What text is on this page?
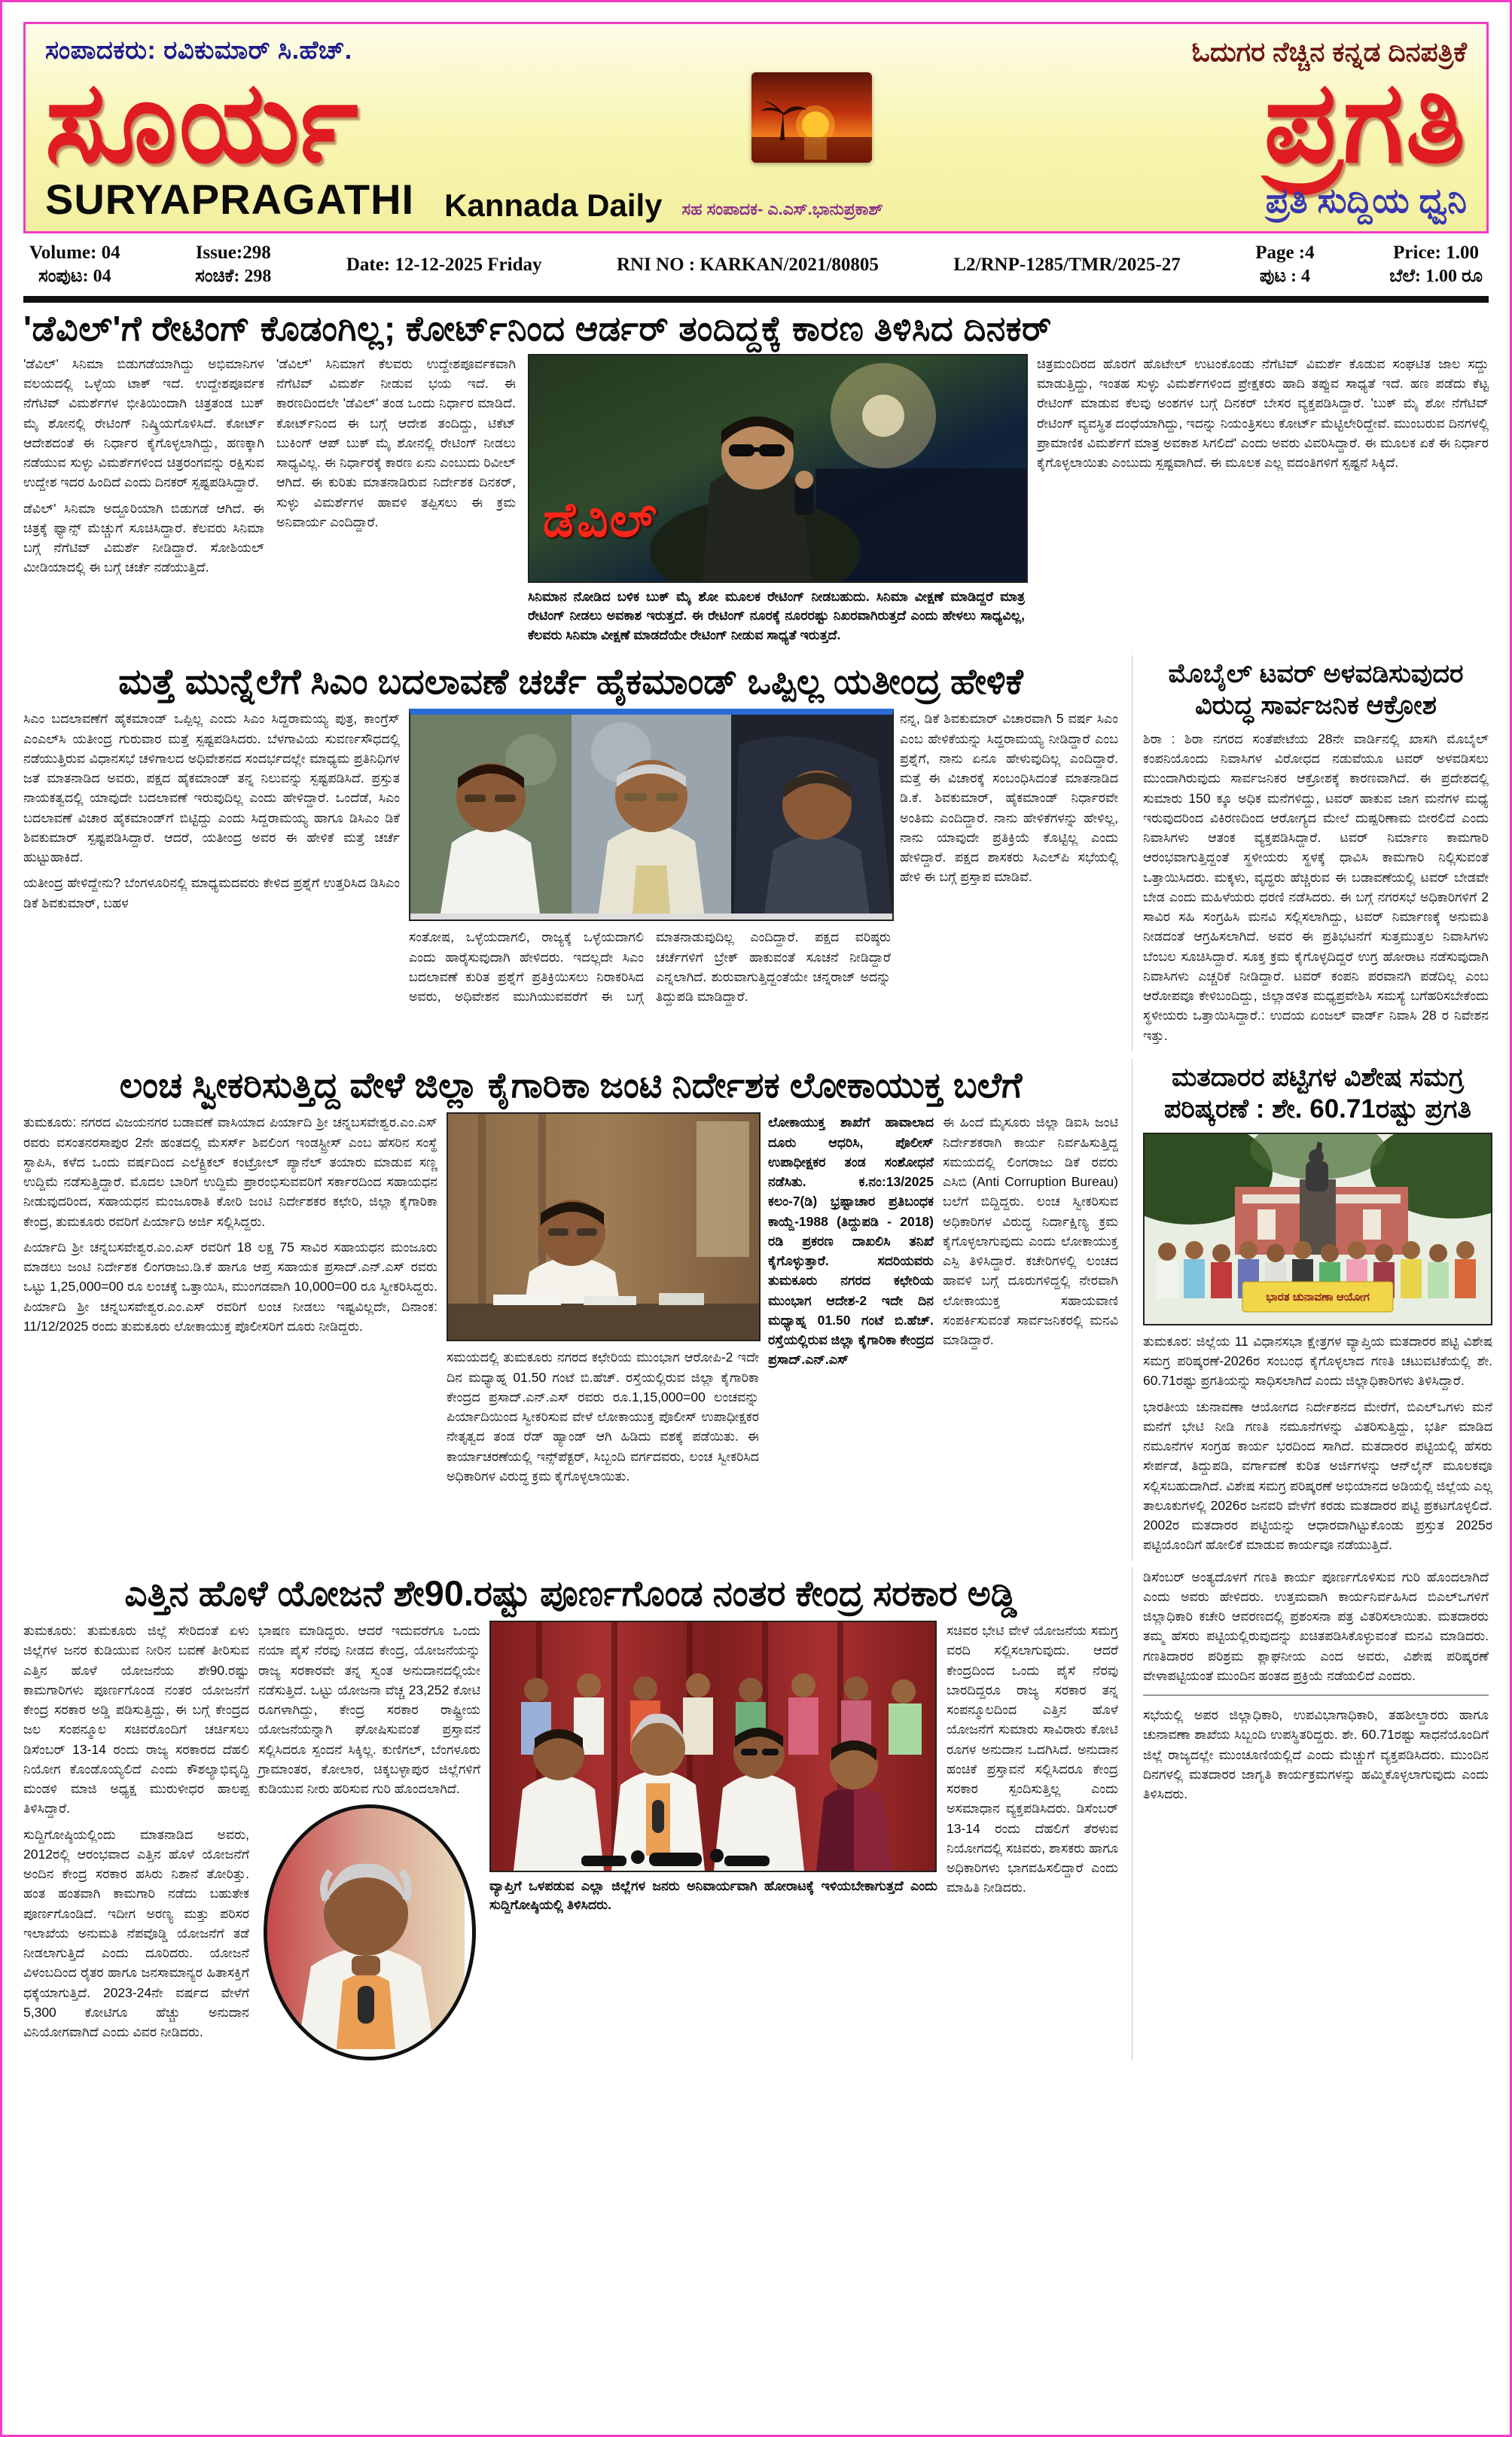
ಸಂಪಾದಕರು: ರವಿಕುಮಾರ್ ಸಿ.ಹೆಚ್.	ಓದುಗರ ನೆಚ್ಚಿನ ಕನ್ನಡ ದಿನಪತ್ರಿಕೆ
ಸೂರ್ಯ	ಪ್ರಗತಿ
SURYAPRAGATHI Kannada Daily ಸಹ ಸಂಪಾದಕ- ಎ.ಎಸ್.ಭಾನುಪ್ರಕಾಶ್	ಪ್ರತಿ ಸುದ್ದಿಯ ಧ್ವನಿ
Volume: 04
ಸಂಪುಟ: 04
Issue:298
ಸಂಚಿಕೆ: 298
Date: 12-12-2025 Friday	RNI NO : KARKAN/2021/80805	L2/RNP-1285/TMR/2025-27
Page :4
ಪುಟ : 4
Price: 1.00
ಬೆಲೆ: 1.00 ರೂ
'ಡೆವಿಲ್'ಗೆ ರೇಟಿಂಗ್ ಕೊಡಂಗಿಲ್ಲ; ಕೋರ್ಟ್‌ನಿಂದ ಆರ್ಡರ್ ತಂದಿದ್ದಕ್ಕೆ ಕಾರಣ ತಿಳಿಸಿದ ದಿನಕರ್

'ಡೆವಿಲ್' ಸಿನಿಮಾ ಬಿಡುಗಡೆಯಾಗಿದ್ದು ಅಭಿಮಾನಿಗಳ ವಲಯದಲ್ಲಿ ಒಳ್ಳೆಯ ಟಾಕ್ ಇದೆ. ಉದ್ದೇಶಪೂರ್ವಕ ನೆಗೆಟಿವ್ ವಿಮರ್ಶೆಗಳ ಭೀತಿಯಿಂದಾಗಿ ಚಿತ್ರತಂಡ ಬುಕ್ ಮೈ ಶೋನಲ್ಲಿ ರೇಟಿಂಗ್ ನಿಷ್ಕ್ರಿಯಗೊಳಿಸಿದೆ. ಕೋರ್ಟ್ ಆದೇಶದಂತೆ ಈ ನಿರ್ಧಾರ ಕೈಗೊಳ್ಳಲಾಗಿದ್ದು, ಹಣಕ್ಕಾಗಿ ನಡೆಯುವ ಸುಳ್ಳು ವಿಮರ್ಶೆಗಳಿಂದ ಚಿತ್ರರಂಗವನ್ನು ರಕ್ಷಿಸುವ ಉದ್ದೇಶ ಇದರ ಹಿಂದಿದೆ ಎಂದು ದಿನಕರ್ ಸ್ಪಷ್ಟಪಡಿಸಿದ್ದಾರೆ.

ಡೆವಿಲ್' ಸಿನಿಮಾ ಅದ್ದೂರಿಯಾಗಿ ಬಿಡುಗಡೆ ಆಗಿದೆ. ಈ ಚಿತ್ರಕ್ಕೆ ಫ್ಯಾನ್ಸ್ ಮೆಚ್ಚುಗೆ ಸೂಚಿಸಿದ್ದಾರೆ. ಕೆಲವರು ಸಿನಿಮಾ ಬಗ್ಗೆ ನೆಗೆಟಿವ್ ವಿಮರ್ಶೆ ನೀಡಿದ್ದಾರೆ. ಸೋಶಿಯಲ್ ಮೀಡಿಯಾದಲ್ಲಿ ಈ ಬಗ್ಗೆ ಚರ್ಚೆ ನಡೆಯುತ್ತಿದೆ.

'ಡೆವಿಲ್' ಸಿನಿಮಾಗೆ ಕೆಲವರು ಉದ್ದೇಶಪೂರ್ವಕವಾಗಿ ನೆಗೆಟಿವ್ ವಿಮರ್ಶೆ ನೀಡುವ ಭಯ ಇದೆ. ಈ ಕಾರಣದಿಂದಲೇ 'ಡೆವಿಲ್' ತಂಡ ಒಂದು ನಿರ್ಧಾರ ಮಾಡಿದೆ. ಕೋರ್ಟ್‌ನಿಂದ ಈ ಬಗ್ಗೆ ಆದೇಶ ತಂದಿದ್ದು, ಟಿಕೆಟ್ ಬುಕಿಂಗ್ ಆಪ್ ಬುಕ್ ಮೈ ಶೋನಲ್ಲಿ ರೇಟಿಂಗ್ ನೀಡಲು ಸಾಧ್ಯವಿಲ್ಲ. ಈ ನಿರ್ಧಾರಕ್ಕೆ ಕಾರಣ ಏನು ಎಂಬುದು ರಿವೀಲ್ ಆಗಿದೆ. ಈ ಕುರಿತು ಮಾತನಾಡಿರುವ ನಿರ್ದೇಶಕ ದಿನಕರ್, ಸುಳ್ಳು ವಿಮರ್ಶೆಗಳ ಹಾವಳಿ ತಪ್ಪಿಸಲು ಈ ಕ್ರಮ ಅನಿವಾರ್ಯ ಎಂದಿದ್ದಾರೆ.	ಡೆವಿಲ್
ಸಿನಿಮಾನ ನೋಡಿದ ಬಳಿಕ ಬುಕ್ ಮೈ ಶೋ ಮೂಲಕ ರೇಟಿಂಗ್ ನೀಡಬಹುದು. ಸಿನಿಮಾ ವೀಕ್ಷಣೆ ಮಾಡಿದ್ದರೆ ಮಾತ್ರ ರೇಟಿಂಗ್ ನೀಡಲು ಅವಕಾಶ ಇರುತ್ತದೆ. ಈ ರೇಟಿಂಗ್ ನೂರಕ್ಕೆ ನೂರರಷ್ಟು ನಿಖರವಾಗಿರುತ್ತದೆ ಎಂದು ಹೇಳಲು ಸಾಧ್ಯವಿಲ್ಲ, ಕೆಲವರು ಸಿನಿಮಾ ವೀಕ್ಷಣೆ ಮಾಡದೆಯೇ ರೇಟಿಂಗ್ ನೀಡುವ ಸಾಧ್ಯತೆ ಇರುತ್ತದೆ.

ಚಿತ್ರಮಂದಿರದ ಹೊರಗೆ ಹೊಟೇಲ್ ಉಟಂಕೊಂಡು ನೆಗೆಟಿವ್ ವಿಮರ್ಶೆ ಕೊಡುವ ಸಂಘಟಿತ ಜಾಲ ಸದ್ದು ಮಾಡುತ್ತಿದ್ದು, ಇಂತಹ ಸುಳ್ಳು ವಿಮರ್ಶೆಗಳಿಂದ ಪ್ರೇಕ್ಷಕರು ಹಾದಿ ತಪ್ಪುವ ಸಾಧ್ಯತೆ ಇದೆ. ಹಣ ಪಡೆದು ಕೆಟ್ಟ ರೇಟಿಂಗ್ ಮಾಡುವ ಕೆಲವು ಅಂಶಗಳ ಬಗ್ಗೆ ದಿನಕರ್ ಬೇಸರ ವ್ಯಕ್ತಪಡಿಸಿದ್ದಾರೆ. 'ಬುಕ್ ಮೈ ಶೋ ನೆಗೆಟಿವ್ ರೇಟಿಂಗ್ ವ್ಯವಸ್ಥಿತ ದಂಧೆಯಾಗಿದ್ದು, ಇದನ್ನು ನಿಯಂತ್ರಿಸಲು ಕೋರ್ಟ್ ಮೆಟ್ಟಿಲೇರಿದ್ದೇವೆ. ಮುಂಬರುವ ದಿನಗಳಲ್ಲಿ ಪ್ರಾಮಾಣಿಕ ವಿಮರ್ಶೆಗೆ ಮಾತ್ರ ಅವಕಾಶ ಸಿಗಲಿದೆ' ಎಂದು ಅವರು ವಿವರಿಸಿದ್ದಾರೆ. ಈ ಮೂಲಕ ಏಕೆ ಈ ನಿರ್ಧಾರ ಕೈಗೊಳ್ಳಲಾಯಿತು ಎಂಬುದು ಸ್ಪಷ್ಟವಾಗಿದೆ. ಈ ಮೂಲಕ ಎಲ್ಲ ವದಂತಿಗಳಿಗೆ ಸ್ಪಷ್ಟನೆ ಸಿಕ್ಕಿದೆ.

ಮತ್ತೆ ಮುನ್ನೆಲೆಗೆ ಸಿಎಂ ಬದಲಾವಣೆ ಚರ್ಚೆ ಹೈಕಮಾಂಡ್ ಒಪ್ಪಿಲ್ಲ ಯತೀಂದ್ರ ಹೇಳಿಕೆ

ಸಿಎಂ ಬದಲಾವಣೆಗೆ ಹೈಕಮಾಂಡ್ ಒಪ್ಪಿಲ್ಲ ಎಂದು ಸಿಎಂ ಸಿದ್ದರಾಮಯ್ಯ ಪುತ್ರ, ಕಾಂಗ್ರೆಸ್ ಎಂಎಲ್‌ಸಿ ಯತೀಂದ್ರ ಗುರುವಾರ ಮತ್ತೆ ಸ್ಪಷ್ಟಪಡಿಸಿದರು. ಬೆಳಗಾವಿಯ ಸುವರ್ಣಸೌಧದಲ್ಲಿ ನಡೆಯುತ್ತಿರುವ ವಿಧಾನಸಭೆ ಚಳಿಗಾಲದ ಅಧಿವೇಶನದ ಸಂದರ್ಭದಲ್ಲೇ ಮಾಧ್ಯಮ ಪ್ರತಿನಿಧಿಗಳ ಜತೆ ಮಾತನಾಡಿದ ಅವರು, ಪಕ್ಷದ ಹೈಕಮಾಂಡ್ ತನ್ನ ನಿಲುವನ್ನು ಸ್ಪಷ್ಟಪಡಿಸಿದೆ. ಪ್ರಸ್ತುತ ನಾಯಕತ್ವದಲ್ಲಿ ಯಾವುದೇ ಬದಲಾವಣೆ ಇರುವುದಿಲ್ಲ ಎಂದು ಹೇಳಿದ್ದಾರೆ. ಒಂದೆಡೆ, ಸಿಎಂ ಬದಲಾವಣೆ ವಿಚಾರ ಹೈಕಮಾಂಡ್‌ಗೆ ಬಿಟ್ಟಿದ್ದು ಎಂದು ಸಿದ್ದರಾಮಯ್ಯ ಹಾಗೂ ಡಿಸಿಎಂ ಡಿಕೆ ಶಿವಕುಮಾರ್ ಸ್ಪಷ್ಟಪಡಿಸಿದ್ದಾರೆ. ಆದರೆ, ಯತೀಂದ್ರ ಅವರ ಈ ಹೇಳಿಕೆ ಮತ್ತೆ ಚರ್ಚೆ ಹುಟ್ಟುಹಾಕಿದೆ.

ಯತೀಂದ್ರ ಹೇಳಿದ್ದೇನು? ಬೆಂಗಳೂರಿನಲ್ಲಿ ಮಾಧ್ಯಮದವರು ಕೇಳಿದ ಪ್ರಶ್ನೆಗೆ ಉತ್ತರಿಸಿದ ಡಿಸಿಎಂ ಡಿಕೆ ಶಿವಕುಮಾರ್, ಬಹಳ

ಸಂತೋಷ, ಒಳ್ಳೆಯದಾಗಲಿ, ರಾಜ್ಯಕ್ಕೆ ಒಳ್ಳೆಯದಾಗಲಿ ಎಂದು ಹಾರೈಸುವುದಾಗಿ ಹೇಳಿದರು. ಇದಲ್ಲದೇ ಸಿಎಂ ಬದಲಾವಣೆ ಕುರಿತ ಪ್ರಶ್ನೆಗೆ ಪ್ರತಿಕ್ರಿಯಿಸಲು ನಿರಾಕರಿಸಿದ ಅವರು, ಅಧಿವೇಶನ ಮುಗಿಯುವವರೆಗೆ ಈ ಬಗ್ಗೆ ಮಾತನಾಡುವುದಿಲ್ಲ ಎಂದಿದ್ದಾರೆ. ಪಕ್ಷದ ವರಿಷ್ಠರು ಚರ್ಚೆಗಳಿಗೆ ಬ್ರೇಕ್ ಹಾಕುವಂತೆ ಸೂಚನೆ ನೀಡಿದ್ದಾರೆ ಎನ್ನಲಾಗಿದೆ. ಶುರುವಾಗುತ್ತಿದ್ದಂತೆಯೇ ಚನ್ನರಾಜ್ ಅದನ್ನು ತಿದ್ದುಪಡಿ ಮಾಡಿದ್ದಾರೆ.

ನನ್ನ, ಡಿಕೆ ಶಿವಕುಮಾರ್ ವಿಚಾರವಾಗಿ 5 ವರ್ಷ ಸಿಎಂ ಎಂಬ ಹೇಳಿಕೆಯನ್ನು ಸಿದ್ದರಾಮಯ್ಯ ನೀಡಿದ್ದಾರೆ ಎಂಬ ಪ್ರಶ್ನೆಗೆ, ನಾನು ಏನೂ ಹೇಳುವುದಿಲ್ಲ ಎಂದಿದ್ದಾರೆ. ಮತ್ತೆ ಈ ವಿಚಾರಕ್ಕೆ ಸಂಬಂಧಿಸಿದಂತೆ ಮಾತನಾಡಿದ ಡಿ.ಕೆ. ಶಿವಕುಮಾರ್, ಹೈಕಮಾಂಡ್ ನಿರ್ಧಾರವೇ ಅಂತಿಮ ಎಂದಿದ್ದಾರೆ. ನಾನು ಹೇಳಿಕೆಗಳನ್ನು ಹೇಳಿಲ್ಲ, ನಾನು ಯಾವುದೇ ಪ್ರತಿಕ್ರಿಯೆ ಕೊಟ್ಟಿಲ್ಲ ಎಂದು ಹೇಳಿದ್ದಾರೆ. ಪಕ್ಷದ ಶಾಸಕರು ಸಿಎಲ್‌ಪಿ ಸಭೆಯಲ್ಲಿ ಹೇಳಿ ಈ ಬಗ್ಗೆ ಪ್ರಸ್ತಾಪ ಮಾಡಿವೆ.

ಮೊಬೈಲ್ ಟವರ್ ಅಳವಡಿಸುವುದರ ವಿರುದ್ಧ ಸಾರ್ವಜನಿಕ ಆಕ್ರೋಶ

ಶಿರಾ : ಶಿರಾ ನಗರದ ಸಂತೆಪೇಟೆಯ 28ನೇ ವಾರ್ಡಿನಲ್ಲಿ ಖಾಸಗಿ ಮೊಬೈಲ್ ಕಂಪನಿಯೊಂದು ನಿವಾಸಿಗಳ ವಿರೋಧದ ನಡುವೆಯೂ ಟವರ್ ಅಳವಡಿಸಲು ಮುಂದಾಗಿರುವುದು ಸಾರ್ವಜನಿಕರ ಆಕ್ರೋಶಕ್ಕೆ ಕಾರಣವಾಗಿದೆ. ಈ ಪ್ರದೇಶದಲ್ಲಿ ಸುಮಾರು 150 ಕ್ಕೂ ಅಧಿಕ ಮನೆಗಳಿದ್ದು, ಟವರ್ ಹಾಕುವ ಜಾಗ ಮನೆಗಳ ಮಧ್ಯೆ ಇರುವುದರಿಂದ ವಿಕಿರಣದಿಂದ ಆರೋಗ್ಯದ ಮೇಲೆ ದುಷ್ಪರಿಣಾಮ ಬೀರಲಿದೆ ಎಂದು ನಿವಾಸಿಗಳು ಆತಂಕ ವ್ಯಕ್ತಪಡಿಸಿದ್ದಾರೆ. ಟವರ್ ನಿರ್ಮಾಣ ಕಾಮಗಾರಿ ಆರಂಭವಾಗುತ್ತಿದ್ದಂತೆ ಸ್ಥಳೀಯರು ಸ್ಥಳಕ್ಕೆ ಧಾವಿಸಿ ಕಾಮಗಾರಿ ನಿಲ್ಲಿಸುವಂತೆ ಒತ್ತಾಯಿಸಿದರು. ಮಕ್ಕಳು, ವೃದ್ಧರು ಹೆಚ್ಚಿರುವ ಈ ಬಡಾವಣೆಯಲ್ಲಿ ಟವರ್ ಬೇಡವೇ ಬೇಡ ಎಂದು ಮಹಿಳೆಯರು ಧರಣಿ ನಡೆಸಿದರು. ಈ ಬಗ್ಗೆ ನಗರಸಭೆ ಅಧಿಕಾರಿಗಳಿಗೆ 2 ಸಾವಿರ ಸಹಿ ಸಂಗ್ರಹಿಸಿ ಮನವಿ ಸಲ್ಲಿಸಲಾಗಿದ್ದು, ಟವರ್ ನಿರ್ಮಾಣಕ್ಕೆ ಅನುಮತಿ ನೀಡದಂತೆ ಆಗ್ರಹಿಸಲಾಗಿದೆ. ಅವರ ಈ ಪ್ರತಿಭಟನೆಗೆ ಸುತ್ತಮುತ್ತಲ ನಿವಾಸಿಗಳು ಬೆಂಬಲ ಸೂಚಿಸಿದ್ದಾರೆ. ಸೂಕ್ತ ಕ್ರಮ ಕೈಗೊಳ್ಳದಿದ್ದರೆ ಉಗ್ರ ಹೋರಾಟ ನಡೆಸುವುದಾಗಿ ನಿವಾಸಿಗಳು ಎಚ್ಚರಿಕೆ ನೀಡಿದ್ದಾರೆ. ಟವರ್ ಕಂಪನಿ ಪರವಾನಗಿ ಪಡೆದಿಲ್ಲ ಎಂಬ ಆರೋಪವೂ ಕೇಳಿಬಂದಿದ್ದು, ಜಿಲ್ಲಾಡಳಿತ ಮಧ್ಯಪ್ರವೇಶಿಸಿ ಸಮಸ್ಯೆ ಬಗೆಹರಿಸಬೇಕೆಂದು ಸ್ಥಳೀಯರು ಒತ್ತಾಯಿಸಿದ್ದಾರೆ.: ಉದಯ ಏಂಜಲ್ ವಾರ್ಡ್ ನಿವಾಸಿ 28 ರ ನಿವೇಶನ ಇತ್ತು.

ಲಂಚ ಸ್ವೀಕರಿಸುತ್ತಿದ್ದ ವೇಳೆ ಜಿಲ್ಲಾ ಕೈಗಾರಿಕಾ ಜಂಟಿ ನಿರ್ದೇಶಕ ಲೋಕಾಯುಕ್ತ ಬಲೆಗೆ

ತುಮಕೂರು: ನಗರದ ವಿಜಯನಗರ ಬಡಾವಣೆ ವಾಸಿಯಾದ ಪಿರ್ಯಾದಿ ಶ್ರೀ ಚನ್ನಬಸವೇಶ್ವರ.ಎಂ.ಎಸ್ ರವರು ವಸಂತನರಸಾಪುರ 2ನೇ ಹಂತದಲ್ಲಿ ಮೆಸರ್ಸ್ ಶಿವಲಿಂಗ ಇಂಡಸ್ಟ್ರೀಸ್ ಎಂಬ ಹೆಸರಿನ ಸಂಸ್ಥೆ ಸ್ಥಾಪಿಸಿ, ಕಳೆದ ಒಂದು ವರ್ಷದಿಂದ ಎಲೆಕ್ಟ್ರಿಕಲ್ ಕಂಟ್ರೋಲ್ ಪ್ಯಾನೆಲ್ ತಯಾರು ಮಾಡುವ ಸಣ್ಣ ಉದ್ದಿಮೆ ನಡೆಸುತ್ತಿದ್ದಾರೆ. ಮೊದಲ ಬಾರಿಗೆ ಉದ್ದಿಮೆ ಪ್ರಾರಂಭಿಸುವವರಿಗೆ ಸರ್ಕಾರದಿಂದ ಸಹಾಯಧನ ನೀಡುವುದರಿಂದ, ಸಹಾಯಧನ ಮಂಜೂರಾತಿ ಕೋರಿ ಜಂಟಿ ನಿರ್ದೇಶಕರ ಕಛೇರಿ, ಜಿಲ್ಲಾ ಕೈಗಾರಿಕಾ ಕೇಂದ್ರ, ತುಮಕೂರು ರವರಿಗೆ ಪಿರ್ಯಾದಿ ಅರ್ಜಿ ಸಲ್ಲಿಸಿದ್ದರು.

ಪಿರ್ಯಾದಿ ಶ್ರೀ ಚನ್ನಬಸವೇಶ್ವರ.ಎಂ.ಎಸ್ ರವರಿಗೆ 18 ಲಕ್ಷ 75 ಸಾವಿರ ಸಹಾಯಧನ ಮಂಜೂರು ಮಾಡಲು ಜಂಟಿ ನಿರ್ದೇಶಕ ಲಿಂಗರಾಜು.ಡಿ.ಕೆ ಹಾಗೂ ಆಪ್ತ ಸಹಾಯಕ ಪ್ರಸಾದ್.ಎನ್.ಎಸ್ ರವರು ಒಟ್ಟು 1,25,000=00 ರೂ ಲಂಚಕ್ಕೆ ಒತ್ತಾಯಿಸಿ, ಮುಂಗಡವಾಗಿ 10,000=00 ರೂ ಸ್ವೀಕರಿಸಿದ್ದರು. ಪಿರ್ಯಾದಿ ಶ್ರೀ ಚನ್ನಬಸವೇಶ್ವರ.ಎಂ.ಎಸ್ ರವರಿಗೆ ಲಂಚ ನೀಡಲು ಇಷ್ಟವಿಲ್ಲದೇ, ದಿನಾಂಕ: 11/12/2025 ರಂದು ತುಮಕೂರು ಲೋಕಾಯುಕ್ತ ಪೊಲೀಸರಿಗೆ ದೂರು ನೀಡಿದ್ದರು.

ಸಮಯದಲ್ಲಿ ತುಮಕೂರು ನಗರದ ಕಛೇರಿಯ ಮುಂಭಾಗ ಆರೋಪಿ-2 ಇದೇ ದಿನ ಮಧ್ಯಾಹ್ನ 01.50 ಗಂಟೆ ಬಿ.ಹೆಚ್. ರಸ್ತೆಯಲ್ಲಿರುವ ಜಿಲ್ಲಾ ಕೈಗಾರಿಕಾ ಕೇಂದ್ರದ ಪ್ರಸಾದ್.ಎನ್.ಎಸ್ ರವರು ರೂ.1,15,000=00 ಲಂಚವನ್ನು ಪಿರ್ಯಾದಿಯಿಂದ ಸ್ವೀಕರಿಸುವ ವೇಳೆ ಲೋಕಾಯುಕ್ತ ಪೊಲೀಸ್ ಉಪಾಧೀಕ್ಷಕರ ನೇತೃತ್ವದ ತಂಡ ರೆಡ್ ಹ್ಯಾಂಡ್ ಆಗಿ ಹಿಡಿದು ವಶಕ್ಕೆ ಪಡೆಯಿತು. ಈ ಕಾರ್ಯಾಚರಣೆಯಲ್ಲಿ ಇನ್ಸ್‌ಪೆಕ್ಟರ್, ಸಿಬ್ಬಂದಿ ವರ್ಗದವರು, ಲಂಚ ಸ್ವೀಕರಿಸಿದ ಅಧಿಕಾರಿಗಳ ವಿರುದ್ಧ ಕ್ರಮ ಕೈಗೊಳ್ಳಲಾಯಿತು.

ಲೋಕಾಯುಕ್ತ ಶಾಖೆಗೆ ಹಾವಾಲಾದ ದೂರು ಆಧರಿಸಿ, ಪೊಲೀಸ್ ಉಪಾಧೀಕ್ಷಕರ ತಂಡ ಸಂಶೋಧನೆ ನಡೆಸಿತು. ಕ.ನಂ:13/2025 ಕಲಂ-7(ಡಿ) ಭ್ರಷ್ಟಾಚಾರ ಪ್ರತಿಬಂಧಕ ಕಾಯ್ದೆ-1988 (ತಿದ್ದುಪಡಿ - 2018) ರಡಿ ಪ್ರಕರಣ ದಾಖಲಿಸಿ ತನಿಖೆ ಕೈಗೊಳ್ಳುತ್ತಾರೆ. ಸದರಿಯವರು ತುಮಕೂರು ನಗರದ ಕಛೇರಿಯ ಮುಂಭಾಗ ಆದೇಶ-2 ಇದೇ ದಿನ ಮಧ್ಯಾಹ್ನ 01.50 ಗಂಟೆ ಬಿ.ಹೆಚ್. ರಸ್ತೆಯಲ್ಲಿರುವ ಜಿಲ್ಲಾ ಕೈಗಾರಿಕಾ ಕೇಂದ್ರದ ಪ್ರಸಾದ್.ಎನ್.ಎಸ್

ಈ ಹಿಂದೆ ಮೈಸೂರು ಜಿಲ್ಲಾ ಡಿಐಸಿ ಜಂಟಿ ನಿರ್ದೇಶಕರಾಗಿ ಕಾರ್ಯ ನಿರ್ವಹಿಸುತ್ತಿದ್ದ ಸಮಯದಲ್ಲಿ ಲಿಂಗರಾಜು ಡಿಕೆ ರವರು ಎಸಿಬಿ (Anti Corruption Bureau) ಬಲೆಗೆ ಬಿದ್ದಿದ್ದರು. ಲಂಚ ಸ್ವೀಕರಿಸುವ ಅಧಿಕಾರಿಗಳ ವಿರುದ್ಧ ನಿರ್ದಾಕ್ಷಿಣ್ಯ ಕ್ರಮ ಕೈಗೊಳ್ಳಲಾಗುವುದು ಎಂದು ಲೋಕಾಯುಕ್ತ ಎಸ್ಪಿ ತಿಳಿಸಿದ್ದಾರೆ. ಕಚೇರಿಗಳಲ್ಲಿ ಲಂಚದ ಹಾವಳಿ ಬಗ್ಗೆ ದೂರುಗಳಿದ್ದಲ್ಲಿ ನೇರವಾಗಿ ಲೋಕಾಯುಕ್ತ ಸಹಾಯವಾಣಿ ಸಂಪರ್ಕಿಸುವಂತೆ ಸಾರ್ವಜನಿಕರಲ್ಲಿ ಮನವಿ ಮಾಡಿದ್ದಾರೆ.

ಮತದಾರರ ಪಟ್ಟಿಗಳ ವಿಶೇಷ ಸಮಗ್ರ ಪರಿಷ್ಕರಣೆ : ಶೇ. 60.71ರಷ್ಟು ಪ್ರಗತಿ
ಭಾರತ ಚುನಾವಣಾ ಆಯೋಗ

ತುಮಕೂರ: ಜಿಲ್ಲೆಯ 11 ವಿಧಾನಸಭಾ ಕ್ಷೇತ್ರಗಳ ವ್ಯಾಪ್ತಿಯ ಮತದಾರರ ಪಟ್ಟಿ ವಿಶೇಷ ಸಮಗ್ರ ಪರಿಷ್ಕರಣೆ-2026ರ ಸಂಬಂಧ ಕೈಗೊಳ್ಳಲಾದ ಗಣತಿ ಚಟುವಟಿಕೆಯಲ್ಲಿ ಶೇ. 60.71ರಷ್ಟು ಪ್ರಗತಿಯನ್ನು ಸಾಧಿಸಲಾಗಿದೆ ಎಂದು ಜಿಲ್ಲಾಧಿಕಾರಿಗಳು ತಿಳಿಸಿದ್ದಾರೆ.

ಭಾರತೀಯ ಚುನಾವಣಾ ಆಯೋಗದ ನಿರ್ದೇಶನದ ಮೇರೆಗೆ, ಬಿಎಲ್‌ಒಗಳು ಮನೆ ಮನೆಗೆ ಭೇಟಿ ನೀಡಿ ಗಣತಿ ನಮೂನೆಗಳನ್ನು ವಿತರಿಸುತ್ತಿದ್ದು, ಭರ್ತಿ ಮಾಡಿದ ನಮೂನೆಗಳ ಸಂಗ್ರಹ ಕಾರ್ಯ ಭರದಿಂದ ಸಾಗಿದೆ. ಮತದಾರರ ಪಟ್ಟಿಯಲ್ಲಿ ಹೆಸರು ಸೇರ್ಪಡೆ, ತಿದ್ದುಪಡಿ, ವರ್ಗಾವಣೆ ಕುರಿತ ಅರ್ಜಿಗಳನ್ನು ಆನ್‌ಲೈನ್ ಮೂಲಕವೂ ಸಲ್ಲಿಸಬಹುದಾಗಿದೆ. ವಿಶೇಷ ಸಮಗ್ರ ಪರಿಷ್ಕರಣೆ ಅಭಿಯಾನದ ಅಡಿಯಲ್ಲಿ ಜಿಲ್ಲೆಯ ಎಲ್ಲ ತಾಲೂಕುಗಳಲ್ಲಿ 2026ರ ಜನವರಿ ವೇಳೆಗೆ ಕರಡು ಮತದಾರರ ಪಟ್ಟಿ ಪ್ರಕಟಗೊಳ್ಳಲಿದೆ. 2002ರ ಮತದಾರರ ಪಟ್ಟಿಯನ್ನು ಆಧಾರವಾಗಿಟ್ಟುಕೊಂಡು ಪ್ರಸ್ತುತ 2025ರ ಪಟ್ಟಿಯೊಂದಿಗೆ ಹೋಲಿಕೆ ಮಾಡುವ ಕಾರ್ಯವೂ ನಡೆಯುತ್ತಿದೆ.

ಎತ್ತಿನ ಹೊಳೆ ಯೋಜನೆ ಶೇ90.ರಷ್ಟು ಪೂರ್ಣಗೊಂಡ ನಂತರ ಕೇಂದ್ರ ಸರಕಾರ ಅಡ್ಡಿ

ತುಮಕೂರು: ತುಮಕೂರು ಜಿಲ್ಲೆ ಸೇರಿದಂತೆ ಏಳು ಜಿಲ್ಲೆಗಳ ಜನರ ಕುಡಿಯುವ ನೀರಿನ ಬವಣೆ ತೀರಿಸುವ ಎತ್ತಿನ ಹೊಳೆ ಯೋಜನೆಯ ಶೇ90.ರಷ್ಟು ಕಾಮಗಾರಿಗಳು ಪೂರ್ಣಗೊಂಡ ನಂತರ ಯೋಜನೆಗೆ ಕೇಂದ್ರ ಸರಕಾರ ಅಡ್ಡಿ ಪಡಿಸುತ್ತಿದ್ದು, ಈ ಬಗ್ಗೆ ಕೇಂದ್ರದ ಜಲ ಸಂಪನ್ಮೂಲ ಸಚಿವರೊಂದಿಗೆ ಚರ್ಚಿಸಲು ಡಿಸೆಂಬರ್ 13-14 ರಂದು ರಾಜ್ಯ ಸರಕಾರದ ದೆಹಲಿ ನಿಯೋಗ ಕೊಂಡೊಯ್ಯಲಿದೆ ಎಂದು ಕೌಶಲ್ಯಾಭಿವೃದ್ಧಿ ಮಂಡಳಿ ಮಾಜಿ ಅಧ್ಯಕ್ಷ ಮುರುಳೀಧರ ಹಾಲಪ್ಪ ತಿಳಿಸಿದ್ದಾರೆ.

ಸುದ್ದಿಗೋಷ್ಠಿಯಲ್ಲಿಂದು ಮಾತನಾಡಿದ ಅವರು, 2012ರಲ್ಲಿ ಆರಂಭವಾದ ಎತ್ತಿನ ಹೊಳೆ ಯೋಜನೆಗೆ ಅಂದಿನ ಕೇಂದ್ರ ಸರಕಾರ ಹಸಿರು ನಿಶಾನೆ ತೋರಿತ್ತು. ಹಂತ ಹಂತವಾಗಿ ಕಾಮಗಾರಿ ನಡೆದು ಬಹುತೇಕ ಪೂರ್ಣಗೊಂಡಿದೆ. ಇದೀಗ ಅರಣ್ಯ ಮತ್ತು ಪರಿಸರ ಇಲಾಖೆಯ ಅನುಮತಿ ನೆಪವೊಡ್ಡಿ ಯೋಜನೆಗೆ ತಡೆ ನೀಡಲಾಗುತ್ತಿದೆ ಎಂದು ದೂರಿದರು. ಯೋಜನೆ ವಿಳಂಬದಿಂದ ರೈತರ ಹಾಗೂ ಜನಸಾಮಾನ್ಯರ ಹಿತಾಸಕ್ತಿಗೆ ಧಕ್ಕೆಯಾಗುತ್ತಿದೆ. 2023-24ನೇ ವರ್ಷದ ವೇಳೆಗೆ 5,300 ಕೋಟಿಗೂ ಹೆಚ್ಚು ಅನುದಾನ ವಿನಿಯೋಗವಾಗಿದೆ ಎಂದು ವಿವರ ನೀಡಿದರು.

ಭಾಷಣ ಮಾಡಿದ್ದರು. ಆದರೆ ಇದುವರೆಗೂ ಒಂದು ನಯಾ ಪೈಸೆ ನೆರವು ನೀಡದ ಕೇಂದ್ರ, ಯೋಜನೆಯನ್ನು ರಾಜ್ಯ ಸರಕಾರವೇ ತನ್ನ ಸ್ವಂತ ಅನುದಾನದಲ್ಲಿಯೇ ನಡೆಸುತ್ತಿದೆ. ಒಟ್ಟು ಯೋಜನಾ ವೆಚ್ಚ 23,252 ಕೋಟಿ ರೂಗಳಾಗಿದ್ದು, ಕೇಂದ್ರ ಸರಕಾರ ರಾಷ್ಟ್ರೀಯ ಯೋಜನೆಯನ್ನಾಗಿ ಘೋಷಿಸುವಂತೆ ಪ್ರಸ್ತಾವನೆ ಸಲ್ಲಿಸಿದರೂ ಸ್ಪಂದನೆ ಸಿಕ್ಕಿಲ್ಲ. ಕುಣಿಗಲ್, ಬೆಂಗಳೂರು ಗ್ರಾಮಾಂತರ, ಕೋಲಾರ, ಚಿಕ್ಕಬಳ್ಳಾಪುರ ಜಿಲ್ಲೆಗಳಿಗೆ ಕುಡಿಯುವ ನೀರು ಹರಿಸುವ ಗುರಿ ಹೊಂದಲಾಗಿದೆ.

ವ್ಯಾಪ್ತಿಗೆ ಒಳಪಡುವ ಎಲ್ಲಾ ಜಿಲ್ಲೆಗಳ ಜನರು ಅನಿವಾರ್ಯವಾಗಿ ಹೋರಾಟಕ್ಕೆ ಇಳಿಯಬೇಕಾಗುತ್ತದೆ ಎಂದು ಸುದ್ದಿಗೋಷ್ಠಿಯಲ್ಲಿ ತಿಳಿಸಿದರು.

ಸಚಿವರ ಭೇಟಿ ವೇಳೆ ಯೋಜನೆಯ ಸಮಗ್ರ ವರದಿ ಸಲ್ಲಿಸಲಾಗುವುದು. ಆದರೆ ಕೇಂದ್ರದಿಂದ ಒಂದು ಪೈಸೆ ನೆರವು ಬಾರದಿದ್ದರೂ ರಾಜ್ಯ ಸರಕಾರ ತನ್ನ ಸಂಪನ್ಮೂಲದಿಂದ ಎತ್ತಿನ ಹೊಳೆ ಯೋಜನೆಗೆ ಸುಮಾರು ಸಾವಿರಾರು ಕೋಟಿ ರೂಗಳ ಅನುದಾನ ಒದಗಿಸಿದೆ. ಅನುದಾನ ಹಂಚಿಕೆ ಪ್ರಸ್ತಾವನೆ ಸಲ್ಲಿಸಿದರೂ ಕೇಂದ್ರ ಸರಕಾರ ಸ್ಪಂದಿಸುತ್ತಿಲ್ಲ ಎಂದು ಅಸಮಾಧಾನ ವ್ಯಕ್ತಪಡಿಸಿದರು. ಡಿಸೆಂಬರ್ 13-14 ರಂದು ದೆಹಲಿಗೆ ತೆರಳುವ ನಿಯೋಗದಲ್ಲಿ ಸಚಿವರು, ಶಾಸಕರು ಹಾಗೂ ಅಧಿಕಾರಿಗಳು ಭಾಗವಹಿಸಲಿದ್ದಾರೆ ಎಂದು ಮಾಹಿತಿ ನೀಡಿದರು.

ಡಿಸೆಂಬರ್ ಅಂತ್ಯದೊಳಗೆ ಗಣತಿ ಕಾರ್ಯ ಪೂರ್ಣಗೊಳಿಸುವ ಗುರಿ ಹೊಂದಲಾಗಿದೆ ಎಂದು ಅವರು ಹೇಳಿದರು. ಉತ್ತಮವಾಗಿ ಕಾರ್ಯನಿರ್ವಹಿಸಿದ ಬಿಎಲ್‌ಒಗಳಿಗೆ ಜಿಲ್ಲಾಧಿಕಾರಿ ಕಚೇರಿ ಆವರಣದಲ್ಲಿ ಪ್ರಶಂಸನಾ ಪತ್ರ ವಿತರಿಸಲಾಯಿತು. ಮತದಾರರು ತಮ್ಮ ಹೆಸರು ಪಟ್ಟಿಯಲ್ಲಿರುವುದನ್ನು ಖಚಿತಪಡಿಸಿಕೊಳ್ಳುವಂತೆ ಮನವಿ ಮಾಡಿದರು. ಗಣತಿದಾರರ ಪರಿಶ್ರಮ ಶ್ಲಾಘನೀಯ ಎಂದ ಅವರು, ವಿಶೇಷ ಪರಿಷ್ಕರಣೆ ವೇಳಾಪಟ್ಟಿಯಂತೆ ಮುಂದಿನ ಹಂತದ ಪ್ರಕ್ರಿಯೆ ನಡೆಯಲಿದೆ ಎಂದರು.

ಸಭೆಯಲ್ಲಿ ಅಪರ ಜಿಲ್ಲಾಧಿಕಾರಿ, ಉಪವಿಭಾಗಾಧಿಕಾರಿ, ತಹಶೀಲ್ದಾರರು ಹಾಗೂ ಚುನಾವಣಾ ಶಾಖೆಯ ಸಿಬ್ಬಂದಿ ಉಪಸ್ಥಿತರಿದ್ದರು. ಶೇ. 60.71ರಷ್ಟು ಸಾಧನೆಯೊಂದಿಗೆ ಜಿಲ್ಲೆ ರಾಜ್ಯದಲ್ಲೇ ಮುಂಚೂಣಿಯಲ್ಲಿದೆ ಎಂದು ಮೆಚ್ಚುಗೆ ವ್ಯಕ್ತಪಡಿಸಿದರು. ಮುಂದಿನ ದಿನಗಳಲ್ಲಿ ಮತದಾರರ ಜಾಗೃತಿ ಕಾರ್ಯಕ್ರಮಗಳನ್ನು ಹಮ್ಮಿಕೊಳ್ಳಲಾಗುವುದು ಎಂದು ತಿಳಿಸಿದರು.
